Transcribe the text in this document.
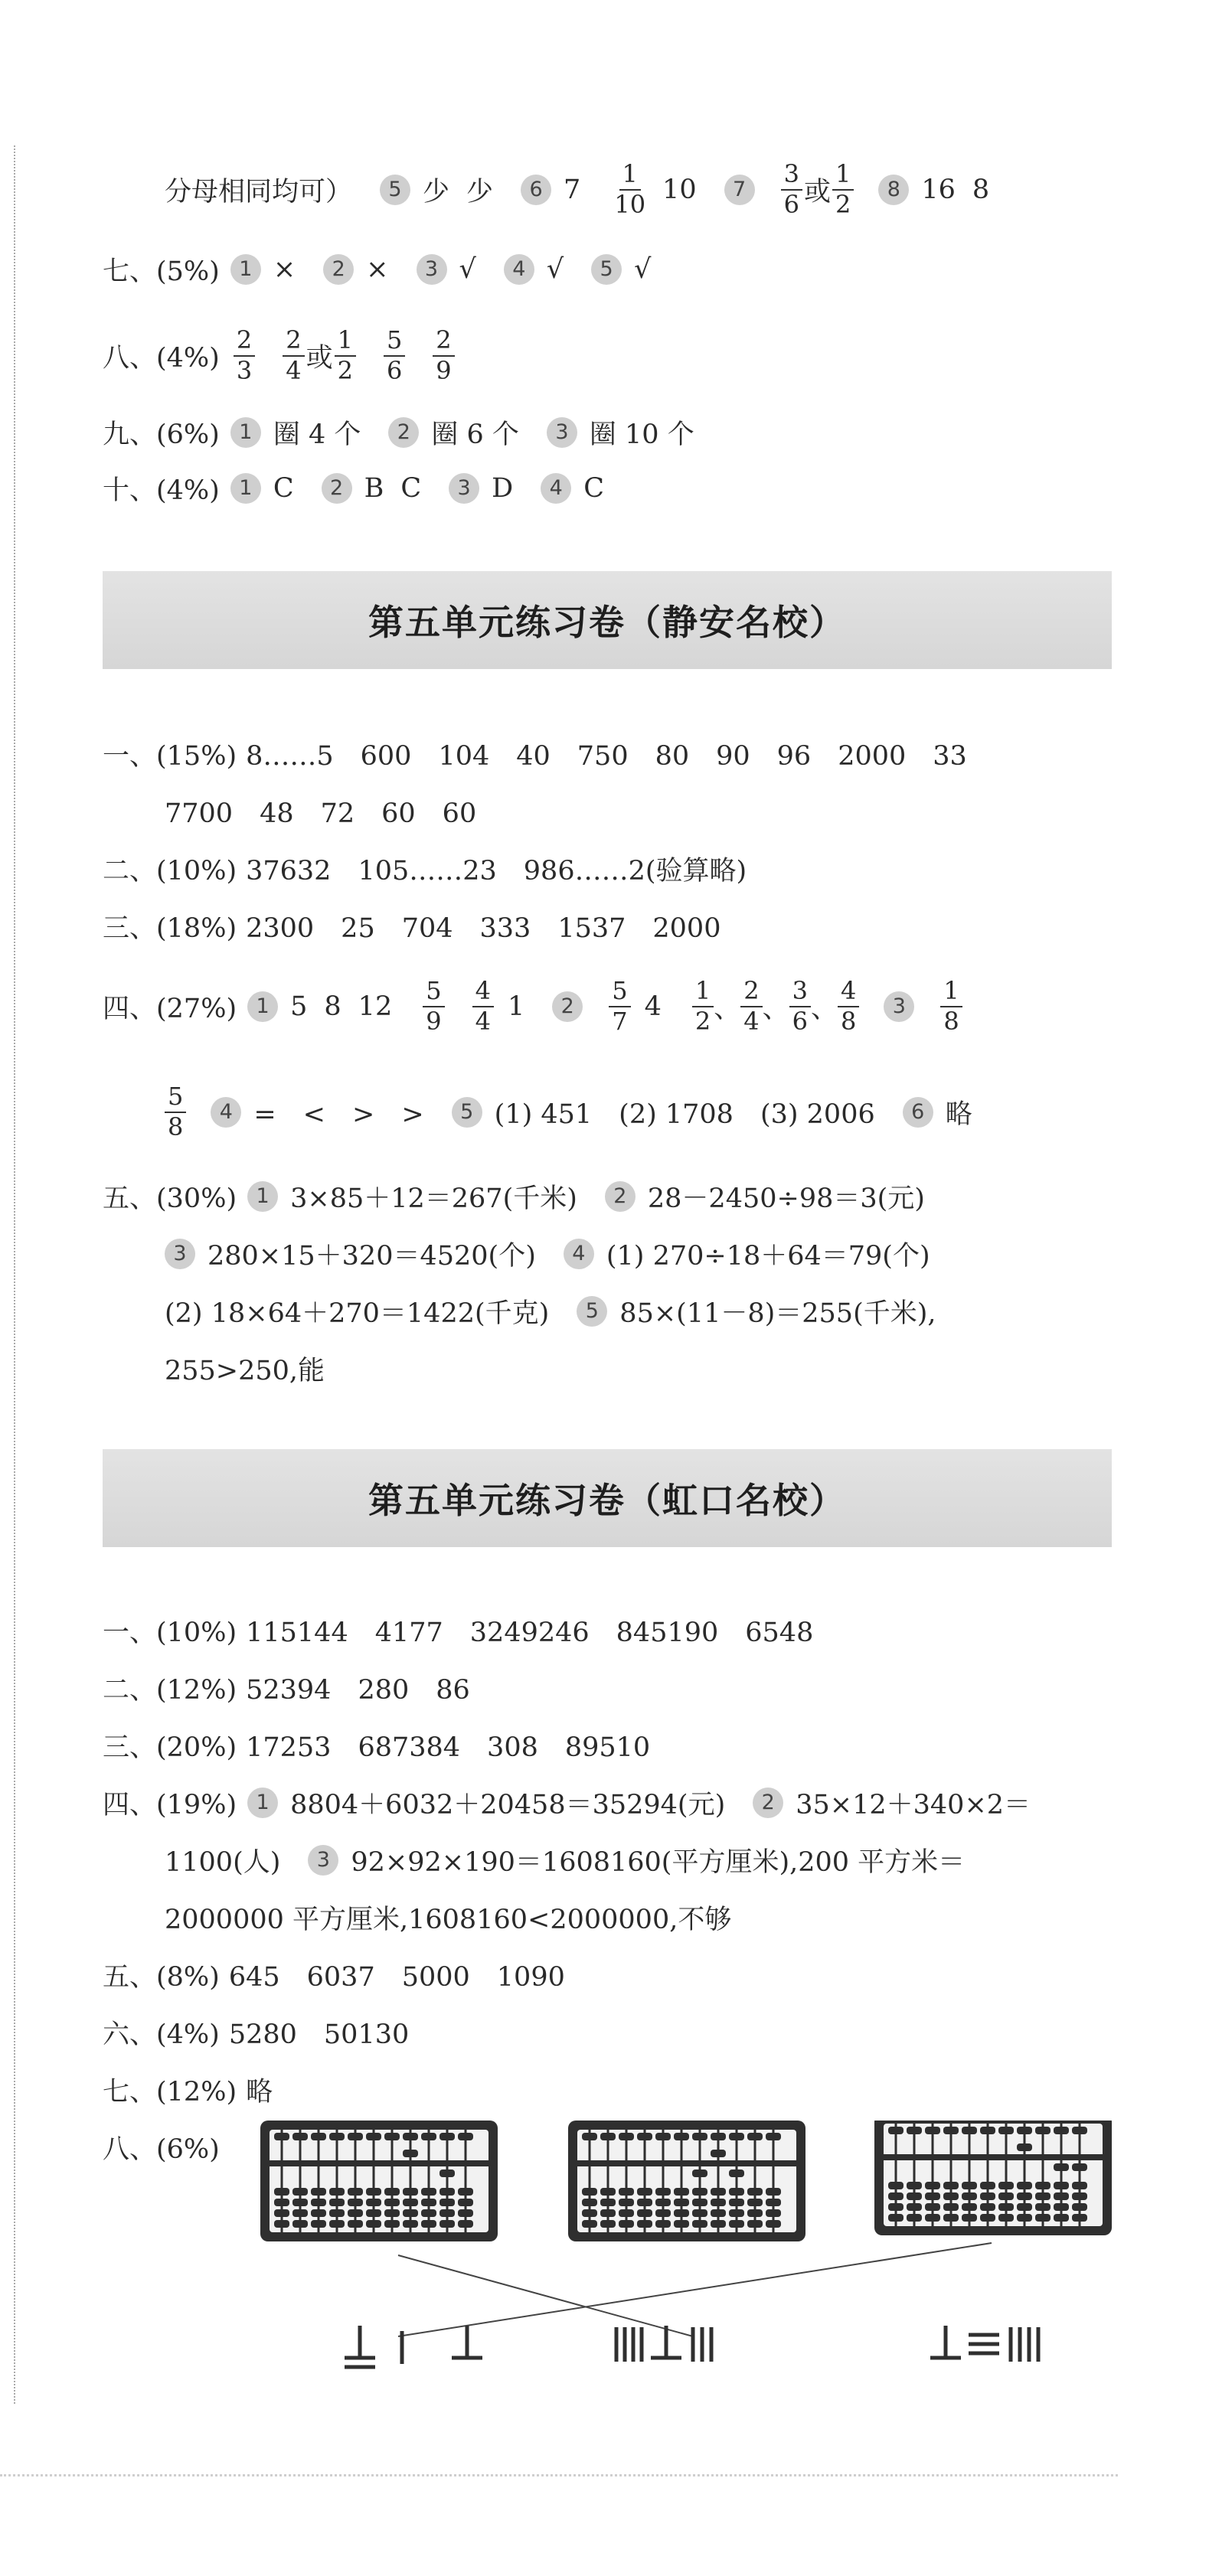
分母相同均可）	5 少 少	6 $7 \frac{1}{10} 10$	7	$\frac{3}{6}$ 或 $\frac{1}{2}$	8 16 8
七、(5%) 1 ×	2 ×	3 √	4 √	5 √
八、$(4\%) \frac{2}{3} \frac{2}{4}$ 或 $\frac{1}{2} \frac{5}{6} \frac{2}{9}$
九、(6%) 1 圈 4 个	2 圈 6 个	3 圈 10 个
十、(4%) 1 C	2 B C	3 D	4 C
第五单元练习卷（静安名校）
一、(15%) 8……5　600　104　40　750　80　90　96　2000　33
7700　48　72　60　60
二、(10%) 37632　105……23　986……2(验算略)
三、(18%) 2300　25　704　333　1537　2000
四、(27%) 1 5 8 $12 \frac{5}{9} \frac{4}{4} 1$	2	$\frac{5}{7} 4 \frac{1}{2}$ 、 $\frac{2}{4}$ 、 $\frac{3}{6}$ 、 $\frac{4}{8}$	3	$\frac{1}{8}$
$\frac{5}{8}$	4 =　<　>　>	5 (1) 451　(2) 1708　(3) 2006	6 略
五、(30%) 1 3×85＋12＝267(千米)	2 28－2450÷98＝3(元)
3 280×15＋320＝4520(个)	4 (1) 270÷18＋64＝79(个)
(2) 18×64＋270＝1422(千克)	5 85×(11－8)＝255(千米),
255>250,能
第五单元练习卷（虹口名校）
一、(10%) 115144　4177　3249246　845190　6548
二、(12%) 52394　280　86
三、(20%) 17253　687384　308　89510
四、(19%) 1 8804＋6032＋20458＝35294(元)	2 35×12＋340×2＝
1100(人)	3 92×92×190＝1608160(平方厘米),200 平方米＝
2000000 平方厘米,1608160<2000000,不够
五、(8%) 645　6037　5000　1090
六、(4%) 5280　50130
七、(12%) 略
八、(6%)
